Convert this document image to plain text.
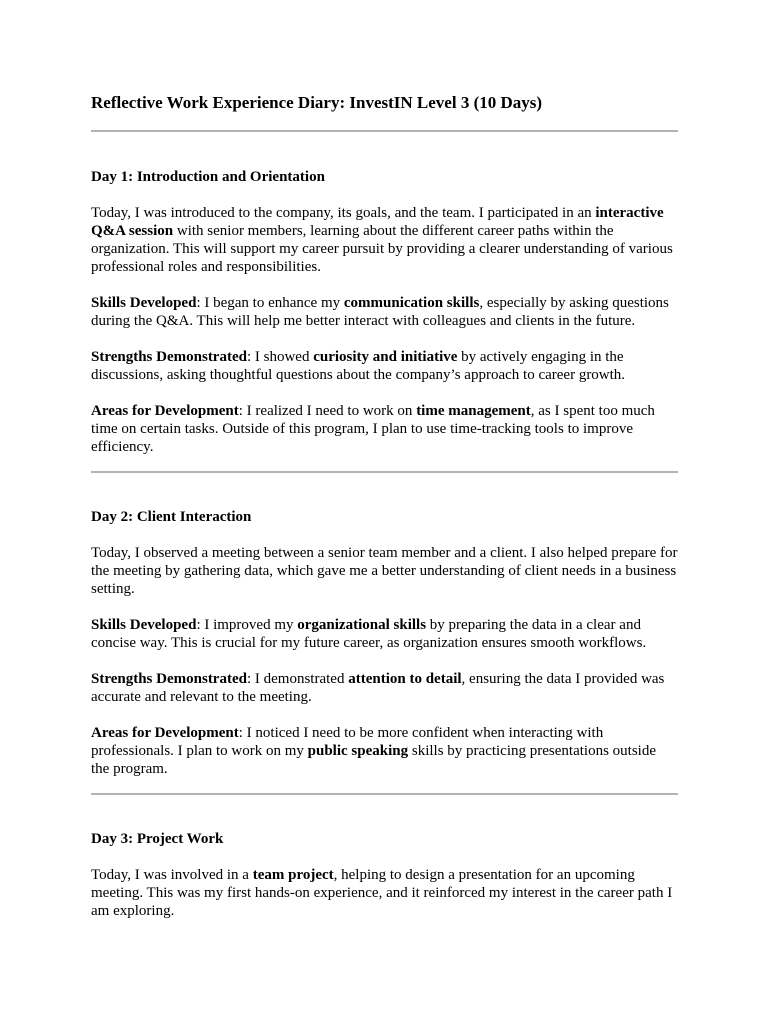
Reflective Work Experience Diary: InvestIN Level 3 (10 Days)
Day 1: Introduction and Orientation

Today, I was introduced to the company, its goals, and the team. I participated in an interactive Q&A session with senior members, learning about the different career paths within the organization. This will support my career pursuit by providing a clearer understanding of various professional roles and responsibilities.

Skills Developed: I began to enhance my communication skills, especially by asking questions during the Q&A. This will help me better interact with colleagues and clients in the future.

Strengths Demonstrated: I showed curiosity and initiative by actively engaging in the discussions, asking thoughtful questions about the company’s approach to career growth.

Areas for Development: I realized I need to work on time management, as I spent too much time on certain tasks. Outside of this program, I plan to use time-tracking tools to improve efficiency.

Day 2: Client Interaction

Today, I observed a meeting between a senior team member and a client. I also helped prepare for the meeting by gathering data, which gave me a better understanding of client needs in a business setting.

Skills Developed: I improved my organizational skills by preparing the data in a clear and concise way. This is crucial for my future career, as organization ensures smooth workflows.

Strengths Demonstrated: I demonstrated attention to detail, ensuring the data I provided was accurate and relevant to the meeting.

Areas for Development: I noticed I need to be more confident when interacting with professionals. I plan to work on my public speaking skills by practicing presentations outside the program.

Day 3: Project Work

Today, I was involved in a team project, helping to design a presentation for an upcoming meeting. This was my first hands-on experience, and it reinforced my interest in the career path I am exploring.
